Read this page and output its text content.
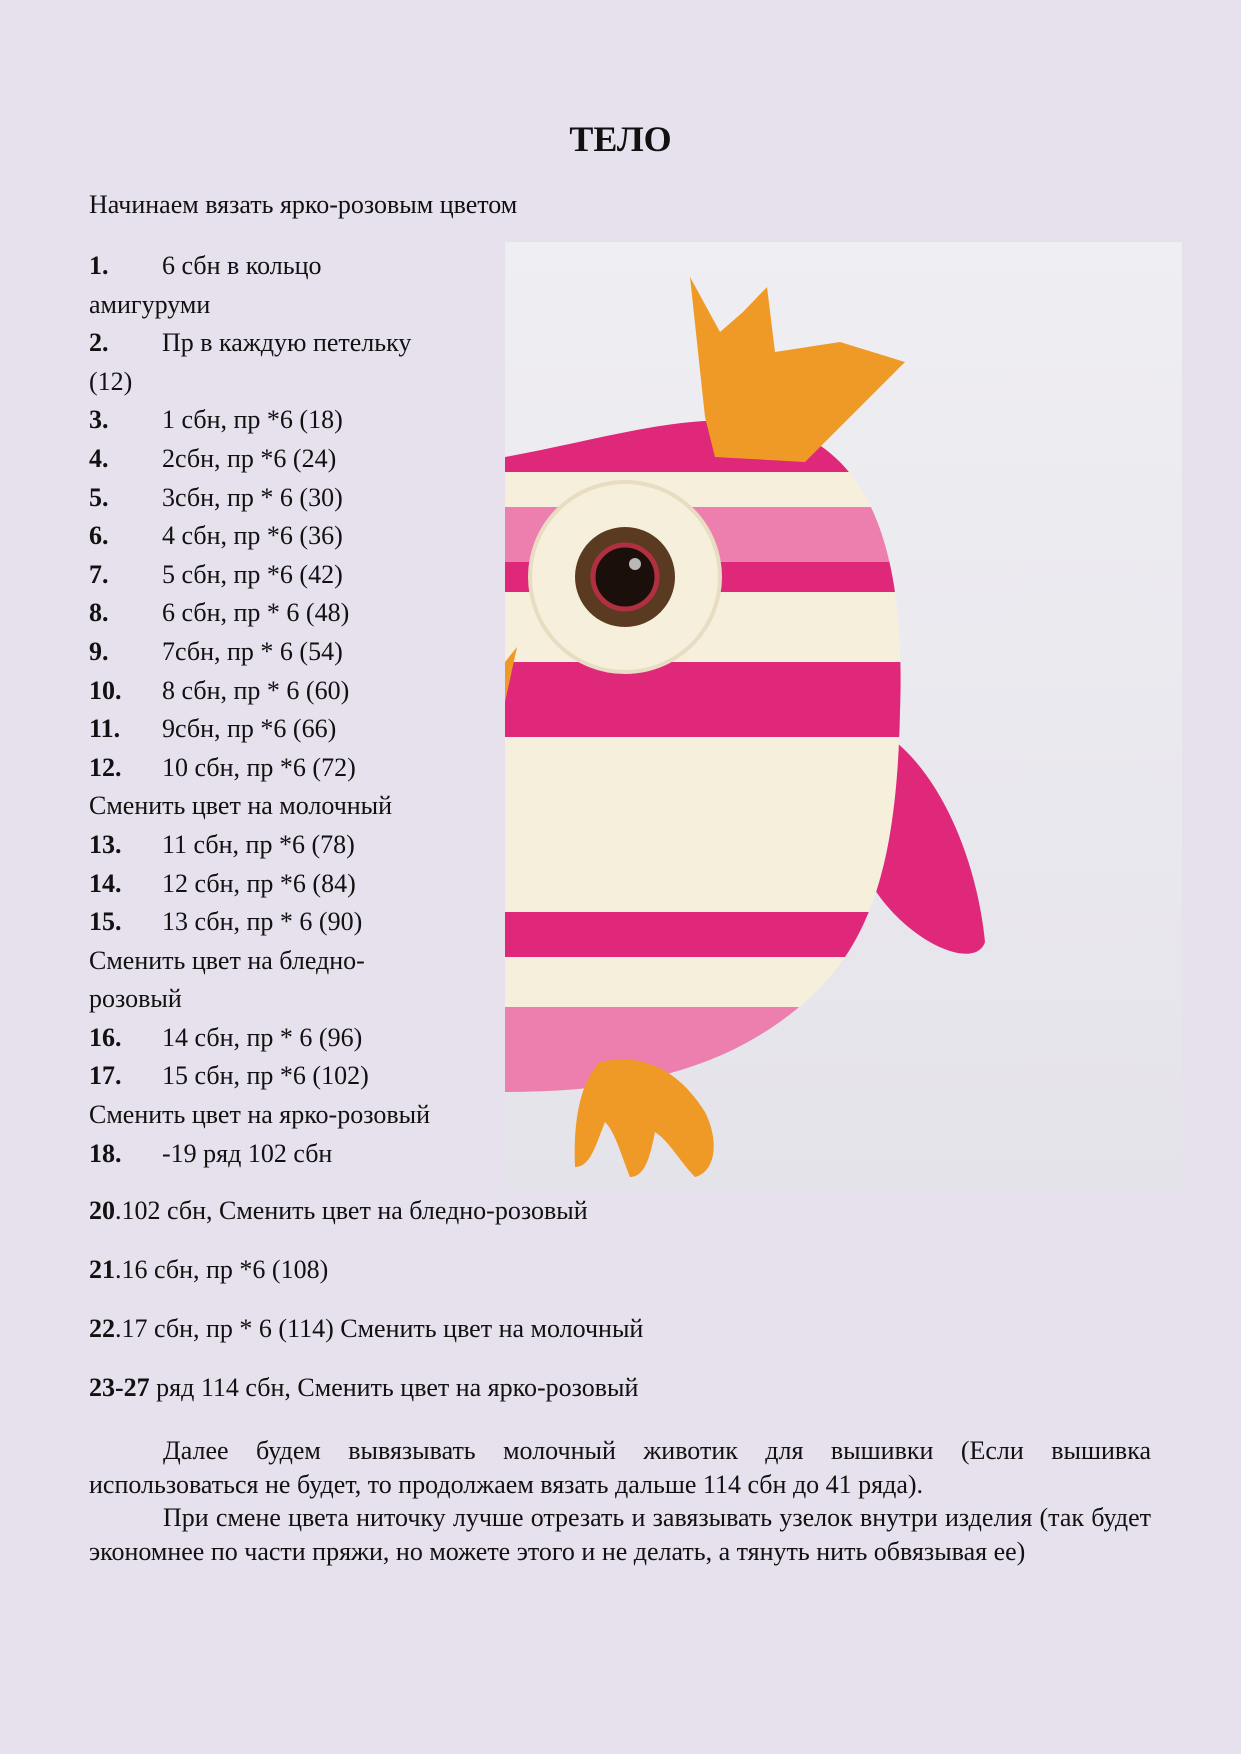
ТЕЛО
Начинаем вязать ярко-розовым цветом
1. 6 сбн в кольцо
амигуруми
2. Пр в каждую петельку
(12)
3. 1 сбн, пр *6 (18)
4. 2сбн, пр *6 (24)
5. 3сбн, пр * 6 (30)
6. 4 сбн, пр *6 (36)
7. 5 сбн, пр *6 (42)
8. 6 сбн, пр * 6 (48)
9. 7сбн, пр * 6 (54)
10. 8 сбн, пр * 6 (60)
11. 9сбн, пр *6 (66)
12. 10 сбн, пр *6 (72)
Сменить цвет на молочный
13. 11 сбн, пр *6 (78)
14. 12 сбн, пр *6 (84)
15. 13 сбн, пр * 6 (90)
Сменить цвет на бледно-
розовый
16. 14 сбн, пр * 6 (96)
17. 15 сбн, пр *6 (102)
Сменить цвет на ярко-розовый
18. -19 ряд 102 сбн
20.102 сбн, Сменить цвет на бледно-розовый
21.16 сбн, пр *6 (108)
22.17 сбн, пр * 6 (114) Сменить цвет на молочный
23-27 ряд 114 сбн, Сменить цвет на ярко-розовый
Далее будем вывязывать молочный животик для вышивки (Если вышивка использоваться не будет, то продолжаем вязать дальше 114 сбн до 41 ряда).
При смене цвета ниточку лучше отрезать и завязывать узелок внутри изделия (так будет экономнее по части пряжи, но можете этого и не делать, а тянуть нить обвязывая ее)
